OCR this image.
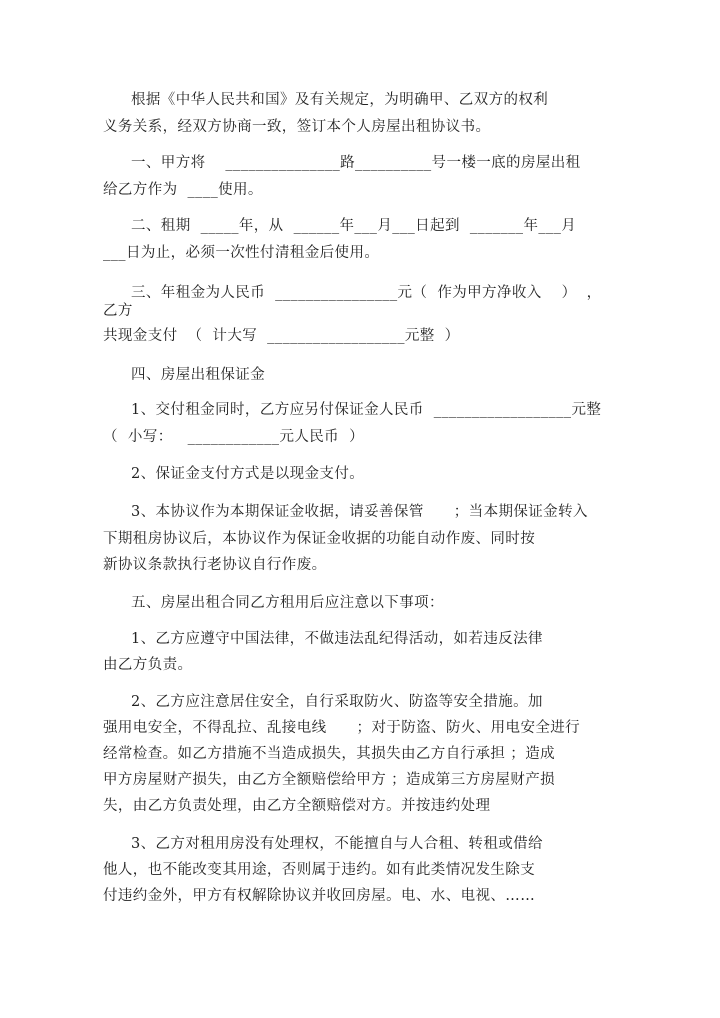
根据《中华人民共和国》及有关规定，为明确甲、乙双方的权利
义务关系，经双方协商一致，签订本个人房屋出租协议书。
一、甲方将　 _______________路__________号一楼一底的房屋出租
给乙方作为  ____使用。
二、租期  _____年，从  ______年___月___日起到  _______年___月
___日为止，必须一次性付清租金后使用。
三、年租金为人民币  ________________元（  作为甲方净收入    ）  ，
乙方
共现金支付  （  计大写  __________________元整  ）
四、房屋出租保证金
1、交付租金同时，乙方应另付保证金人民币  __________________元整
（  小写：   ____________元人民币  ）
2、保证金支付方式是以现金支付。
3、本协议作为本期保证金收据，请妥善保管      ；当本期保证金转入
下期租房协议后，本协议作为保证金收据的功能自动作废、同时按
新协议条款执行老协议自行作废。
五、房屋出租合同乙方租用后应注意以下事项：
1、乙方应遵守中国法律，不做违法乱纪得活动，如若违反法律
由乙方负责。
2、乙方应注意居住安全，自行采取防火、防盗等安全措施。加
强用电安全，不得乱拉、乱接电线      ；对于防盗、防火、用电安全进行
经常检查。如乙方措施不当造成损失，其损失由乙方自行承担 ；造成
甲方房屋财产损失，由乙方全额赔偿给甲方 ；造成第三方房屋财产损
失，由乙方负责处理，由乙方全额赔偿对方。并按违约处理
3、乙方对租用房没有处理权，不能擅自与人合租、转租或借给
他人，也不能改变其用途，否则属于违约。如有此类情况发生除支
付违约金外，甲方有权解除协议并收回房屋。电、水、电视、……
